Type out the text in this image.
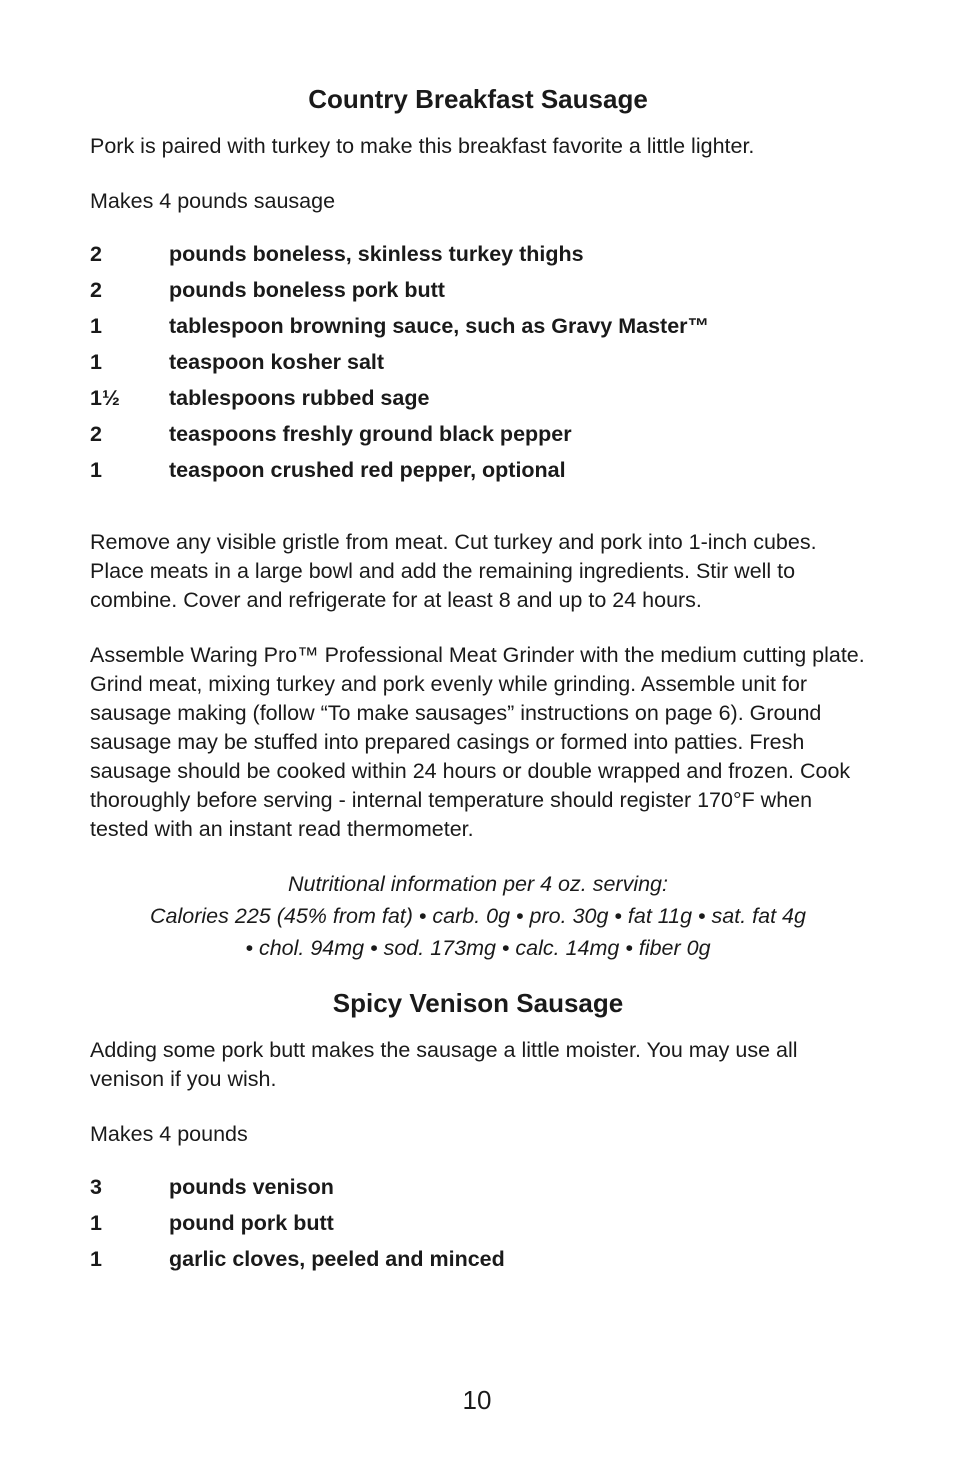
Country Breakfast Sausage

Pork is paired with turkey to make this breakfast favorite a little lighter.

Makes 4 pounds sausage

2	pounds boneless, skinless turkey thighs
2	pounds boneless pork butt
1	tablespoon browning sauce, such as Gravy Master™
1	teaspoon kosher salt
1½	tablespoons rubbed sage
2	teaspoons freshly ground black pepper
1	teaspoon crushed red pepper, optional

Remove any visible gristle from meat. Cut turkey and pork into 1-inch cubes. Place meats in a large bowl and add the remaining ingredients. Stir well to combine. Cover and refrigerate for at least 8 and up to 24 hours.

Assemble Waring Pro™ Professional Meat Grinder with the medium cutting plate. Grind meat, mixing turkey and pork evenly while grinding. Assemble unit for sausage making (follow “To make sausages” instructions on page 6). Ground sausage may be stuffed into prepared casings or formed into patties. Fresh sausage should be cooked within 24 hours or double wrapped and frozen. Cook thoroughly before serving - internal temperature should register 170°F when tested with an instant read thermometer.

Nutritional information per 4 oz. serving:

Calories 225 (45% from fat) • carb. 0g • pro. 30g • fat 11g • sat. fat 4g

• chol. 94mg • sod. 173mg • calc. 14mg • fiber 0g

Spicy Venison Sausage

Adding some pork butt makes the sausage a little moister. You may use all venison if you wish.

Makes 4 pounds

3	pounds venison
1	pound pork butt
1	garlic cloves, peeled and minced
10
